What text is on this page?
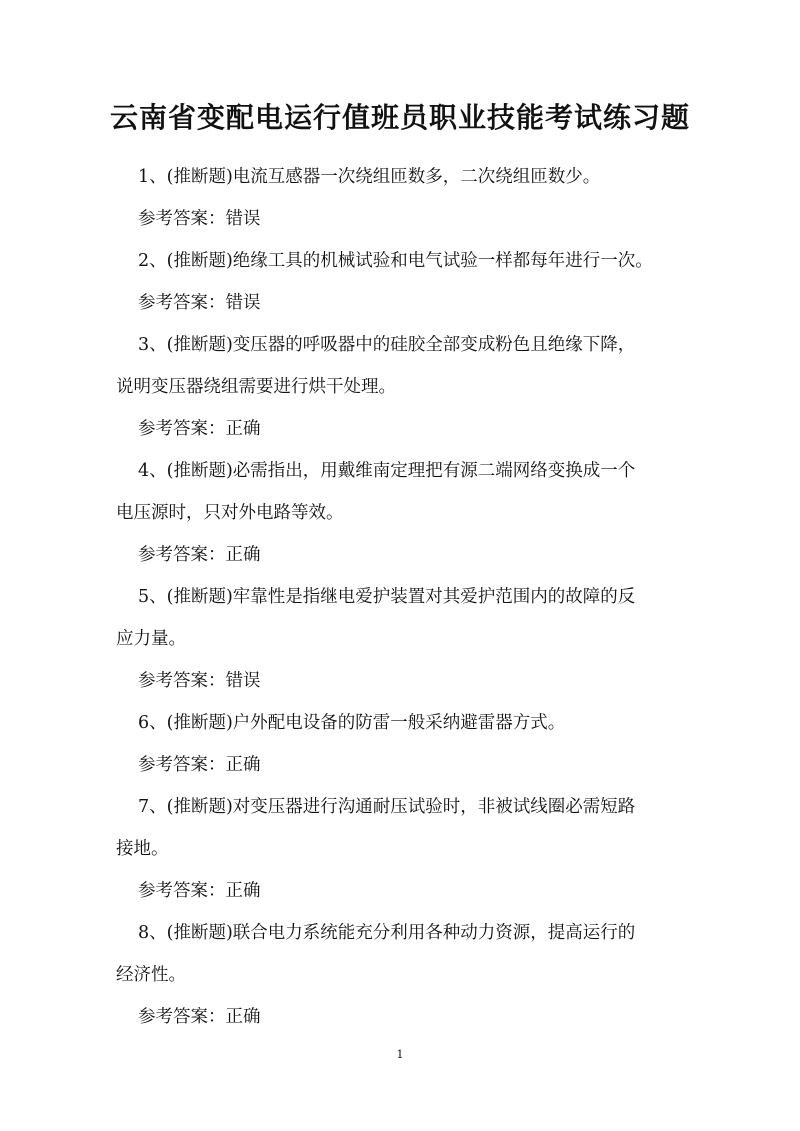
云南省变配电运行值班员职业技能考试练习题

1、(推断题)电流互感器一次绕组匝数多，二次绕组匝数少。

参考答案：错误

2、(推断题)绝缘工具的机械试验和电气试验一样都每年进行一次。

参考答案：错误

3、(推断题)变压器的呼吸器中的硅胶全部变成粉色且绝缘下降，

说明变压器绕组需要进行烘干处理。

参考答案：正确

4、(推断题)必需指出，用戴维南定理把有源二端网络变换成一个

电压源时，只对外电路等效。

参考答案：正确

5、(推断题)牢靠性是指继电爱护装置对其爱护范围内的故障的反

应力量。

参考答案：错误

6、(推断题)户外配电设备的防雷一般采纳避雷器方式。

参考答案：正确

7、(推断题)对变压器进行沟通耐压试验时，非被试线圈必需短路

接地。

参考答案：正确

8、(推断题)联合电力系统能充分利用各种动力资源，提高运行的

经济性。

参考答案：正确

1
